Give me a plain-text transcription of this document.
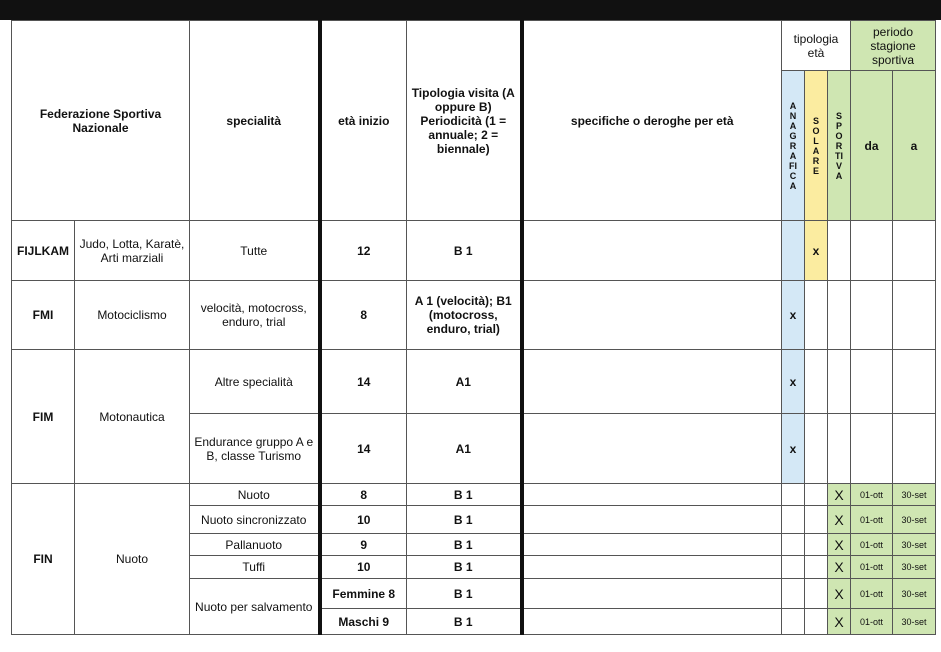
Federazione Sportiva Nazionale		specialità	età inizio	Tipologia visita (A oppure B) Periodicità (1 = annuale; 2 = biennale)	specifiche o deroghe per età	tipologia età			periodo stagione sportiva	

						ANAGRAFICA	SOLARE	SPORTIVA	da	a
FIJLKAM	Judo, Lotta, Karatè, Arti marziali	Tutte	12	B 1			x			
FMI	Motociclismo	velocità, motocross, enduro, trial	8	A 1 (velocità); B1 (motocross, enduro, trial)		x				
FIM	Motonautica	Altre specialità	14	A1		x				
		Endurance gruppo A e B, classe Turismo	14	A1		x				
FIN	Nuoto	Nuoto	8	B 1				X	01-ott	30-set
		Nuoto sincronizzato	10	B 1				X	01-ott	30-set
		Pallanuoto	9	B 1				X	01-ott	30-set
		Tuffi	10	B 1				X	01-ott	30-set
		Nuoto per salvamento	Femmine 8	B 1				X	01-ott	30-set
			Maschi 9	B 1				X	01-ott	30-set
